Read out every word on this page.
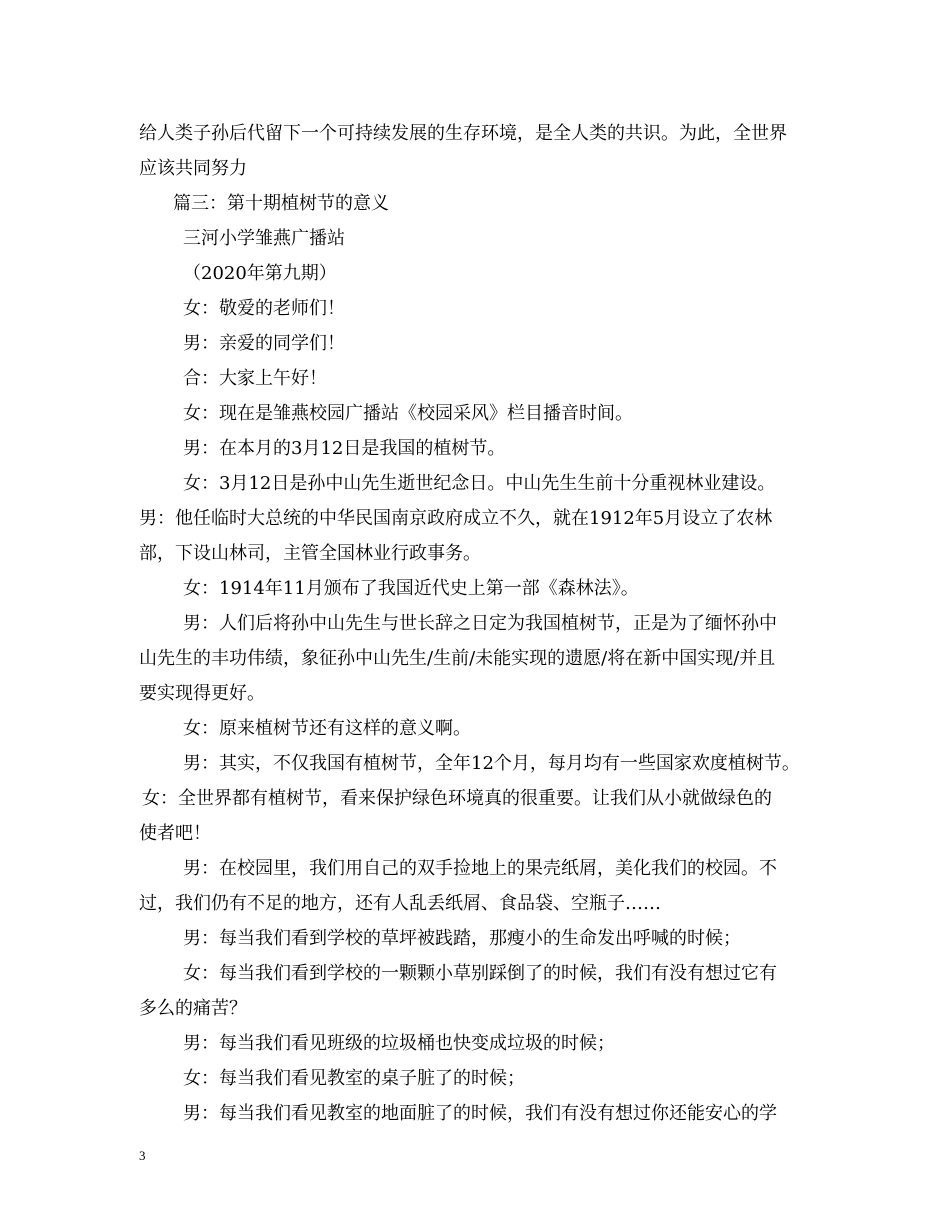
给人类子孙后代留下一个可持续发展的生存环境，是全人类的共识。为此，全世界

应该共同努力

篇三：第十期植树节的意义

三河小学雏燕广播站

（2020年第九期）

女：敬爱的老师们！

男：亲爱的同学们！

合：大家上午好！

女：现在是雏燕校园广播站《校园采风》栏目播音时间。

男：在本月的3月12日是我国的植树节。

女：3月12日是孙中山先生逝世纪念日。中山先生生前十分重视林业建设。

男：他任临时大总统的中华民国南京政府成立不久，就在1912年5月设立了农林

部，下设山林司，主管全国林业行政事务。

女：1914年11月颁布了我国近代史上第一部《森林法》。

男：人们后将孙中山先生与世长辞之日定为我国植树节，正是为了缅怀孙中

山先生的丰功伟绩，象征孙中山先生/生前/未能实现的遗愿/将在新中国实现/并且

要实现得更好。

女：原来植树节还有这样的意义啊。

男：其实，不仅我国有植树节，全年12个月，每月均有一些国家欢度植树节。

女：全世界都有植树节，看来保护绿色环境真的很重要。让我们从小就做绿色的

使者吧！

男：在校园里，我们用自己的双手捡地上的果壳纸屑，美化我们的校园。不

过，我们仍有不足的地方，还有人乱丢纸屑、食品袋、空瓶子……

男：每当我们看到学校的草坪被践踏，那瘦小的生命发出呼喊的时候；

女：每当我们看到学校的一颗颗小草别踩倒了的时候，我们有没有想过它有

多么的痛苦？

男：每当我们看见班级的垃圾桶也快变成垃圾的时候；

女：每当我们看见教室的桌子脏了的时候；

男：每当我们看见教室的地面脏了的时候，我们有没有想过你还能安心的学

3
